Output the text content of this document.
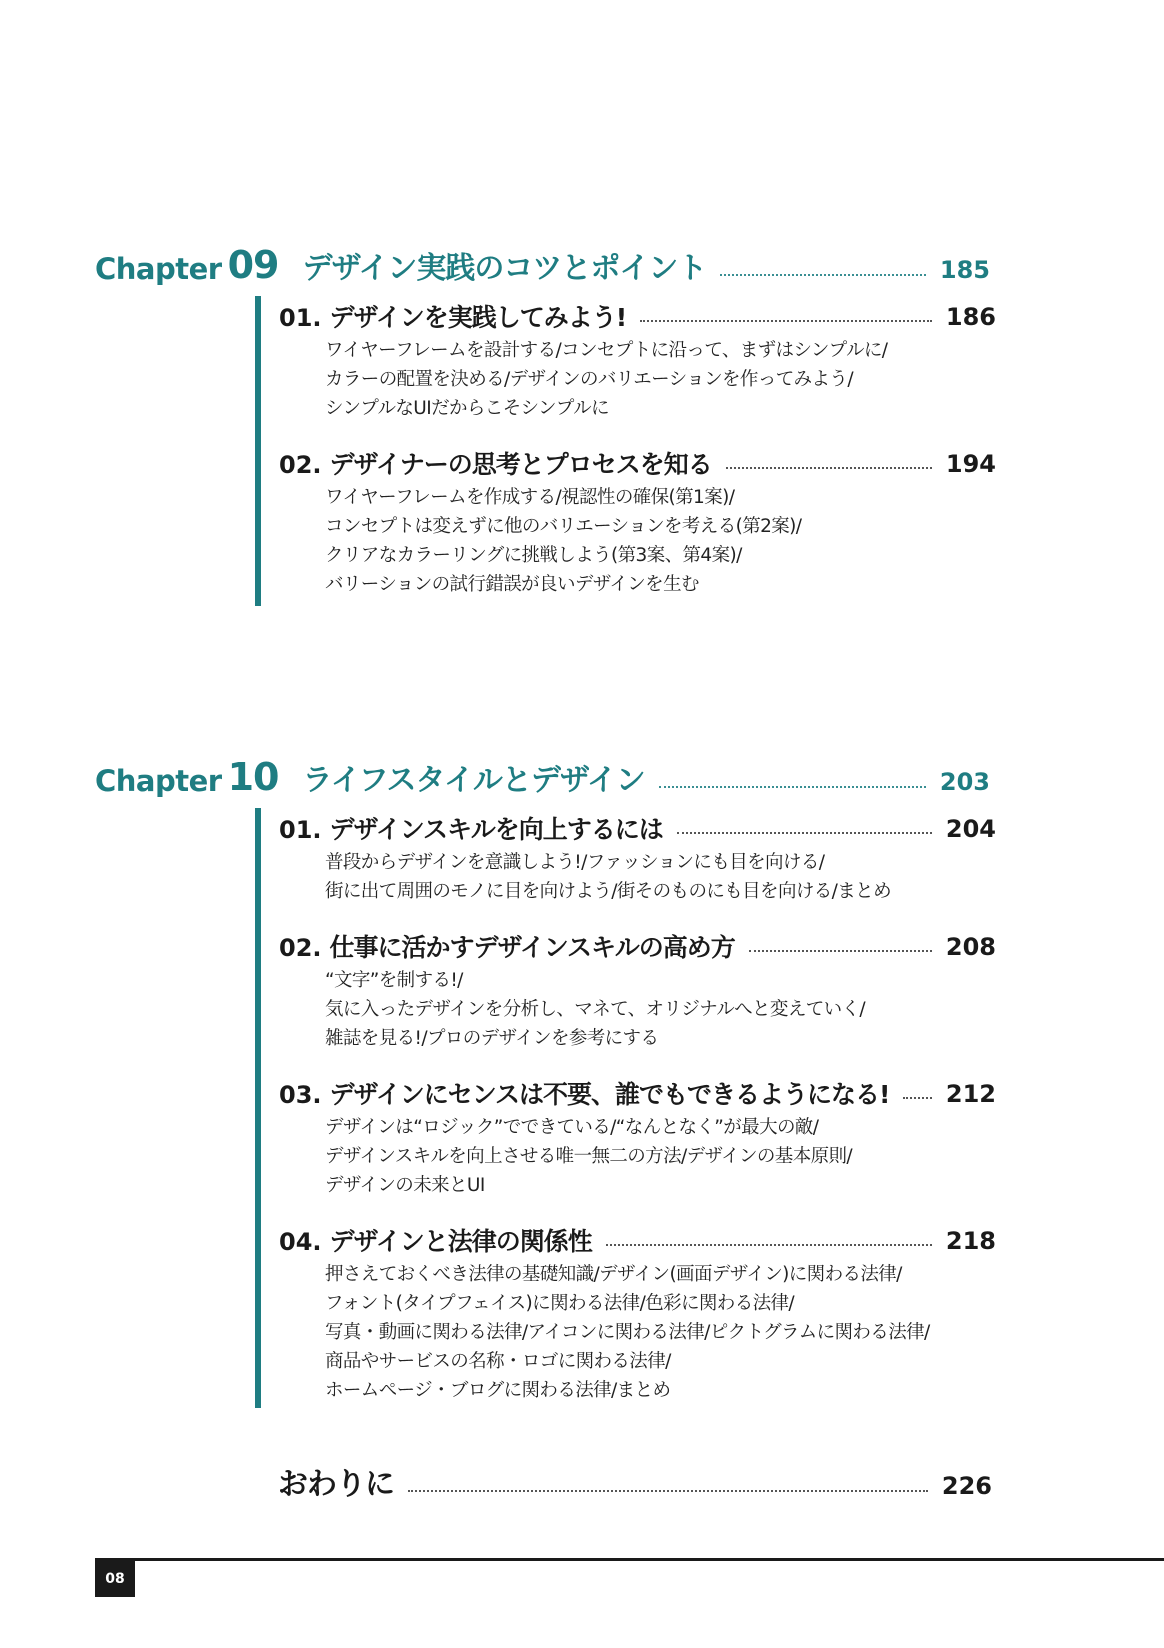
Chapter 09 デザイン実践のコツとポイント	185
01. デザインを実践してみよう!	186
ワイヤーフレームを設計する/コンセプトに沿って、まずはシンプルに/
カラーの配置を決める/デザインのバリエーションを作ってみよう/
シンプルなUIだからこそシンプルに
02. デザイナーの思考とプロセスを知る	194
ワイヤーフレームを作成する/視認性の確保(第1案)/
コンセプトは変えずに他のバリエーションを考える(第2案)/
クリアなカラーリングに挑戦しよう(第3案、第4案)/
バリーションの試行錯誤が良いデザインを生む
Chapter 10 ライフスタイルとデザイン	203
01. デザインスキルを向上するには	204
普段からデザインを意識しよう!/ファッションにも目を向ける/
街に出て周囲のモノに目を向けよう/街そのものにも目を向ける/まとめ
02. 仕事に活かすデザインスキルの高め方	208
“文字”を制する!/
気に入ったデザインを分析し、マネて、オリジナルへと変えていく/
雑誌を見る!/プロのデザインを参考にする
03. デザインにセンスは不要、誰でもできるようになる! 212
デザインは“ロジック”でできている/“なんとなく”が最大の敵/
デザインスキルを向上させる唯一無二の方法/デザインの基本原則/
デザインの未来とUI
04. デザインと法律の関係性	218
押さえておくべき法律の基礎知識/デザイン(画面デザイン)に関わる法律/
フォント(タイプフェイス)に関わる法律/色彩に関わる法律/
写真・動画に関わる法律/アイコンに関わる法律/ピクトグラムに関わる法律/
商品やサービスの名称・ロゴに関わる法律/
ホームページ・ブログに関わる法律/まとめ
おわりに	226
08
